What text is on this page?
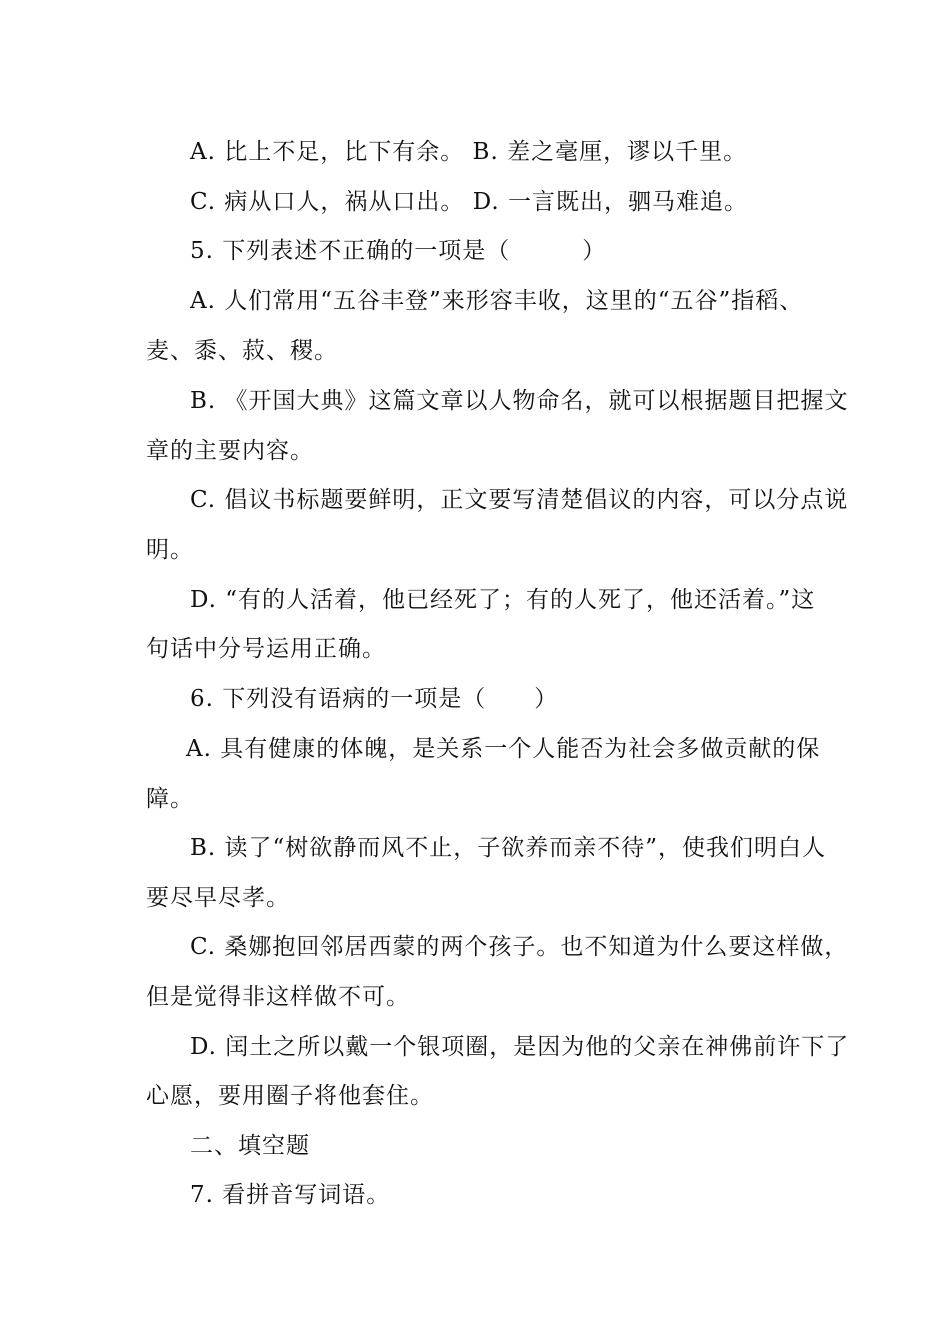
A. 比上不足，比下有余。 B. 差之毫厘，谬以千里。
C. 病从口人，祸从口出。 D. 一言既出，驷马难追。
5. 下列表述不正确的一项是（　　　）
A. 人们常用“五谷丰登”来形容丰收，这里的“五谷”指稻、
麦、黍、菽、稷。
B. 《开国大典》这篇文章以人物命名，就可以根据题目把握文
章的主要内容。
C. 倡议书标题要鲜明，正文要写清楚倡议的内容，可以分点说
明。
D. “有的人活着，他已经死了；有的人死了，他还活着。”这
句话中分号运用正确。
6. 下列没有语病的一项是（　　）
A. 具有健康的体魄，是关系一个人能否为社会多做贡献的保
障。
B. 读了“树欲静而风不止，子欲养而亲不待”，使我们明白人
要尽早尽孝。
C. 桑娜抱回邻居西蒙的两个孩子。也不知道为什么要这样做，
但是觉得非这样做不可。
D. 闰土之所以戴一个银项圈，是因为他的父亲在神佛前许下了
心愿，要用圈子将他套住。
二、填空题
7. 看拼音写词语。
